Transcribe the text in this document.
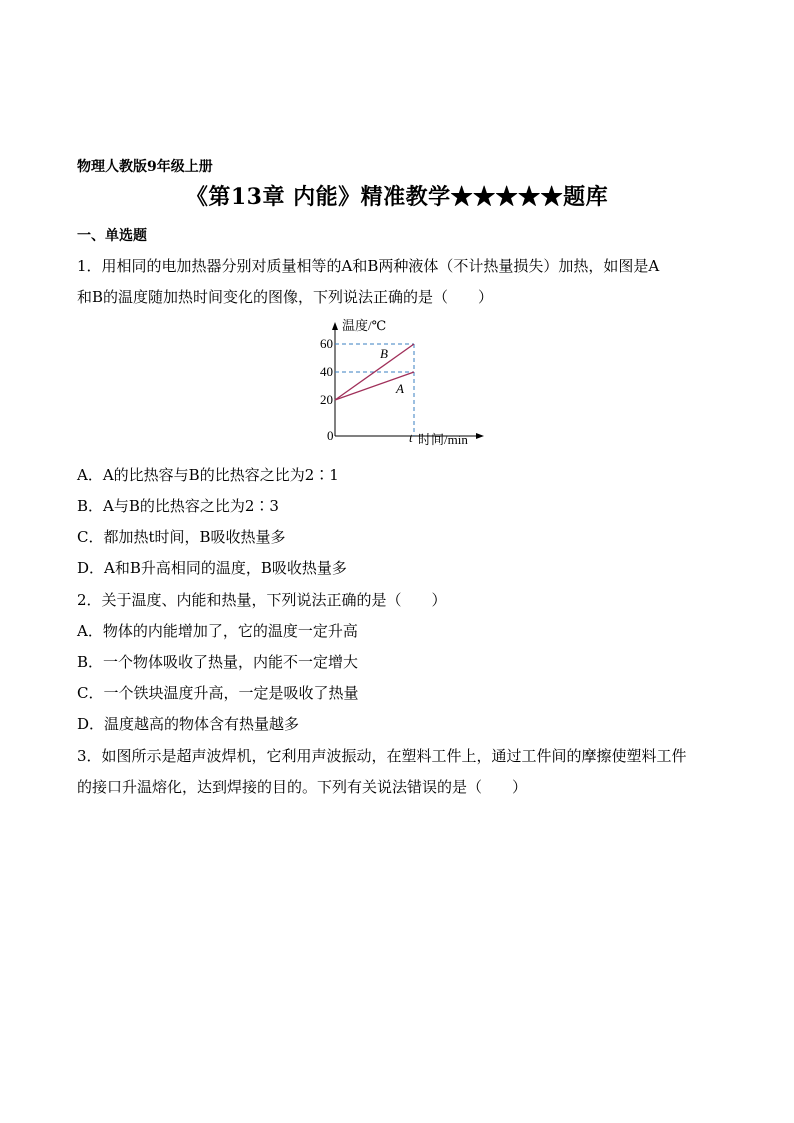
物理人教版9年级上册
《第13章 内能》精准教学★★★★★题库
一、单选题
1．用相同的电加热器分别对质量相等的A和B两种液体（不计热量损失）加热，如图是A
和B的温度随加热时间变化的图像，下列说法正确的是（　　）
温度/℃
60
40
20
0	t 时间/min
B
A
A．A的比热容与B的比热容之比为2∶1
B．A与B的比热容之比为2∶3
C．都加热t时间，B吸收热量多
D．A和B升高相同的温度，B吸收热量多
2．关于温度、内能和热量，下列说法正确的是（　　）
A．物体的内能增加了，它的温度一定升高
B．一个物体吸收了热量，内能不一定增大
C．一个铁块温度升高，一定是吸收了热量
D．温度越高的物体含有热量越多
3．如图所示是超声波焊机，它利用声波振动，在塑料工件上，通过工件间的摩擦使塑料工件
的接口升温熔化，达到焊接的目的。下列有关说法错误的是（　　）
